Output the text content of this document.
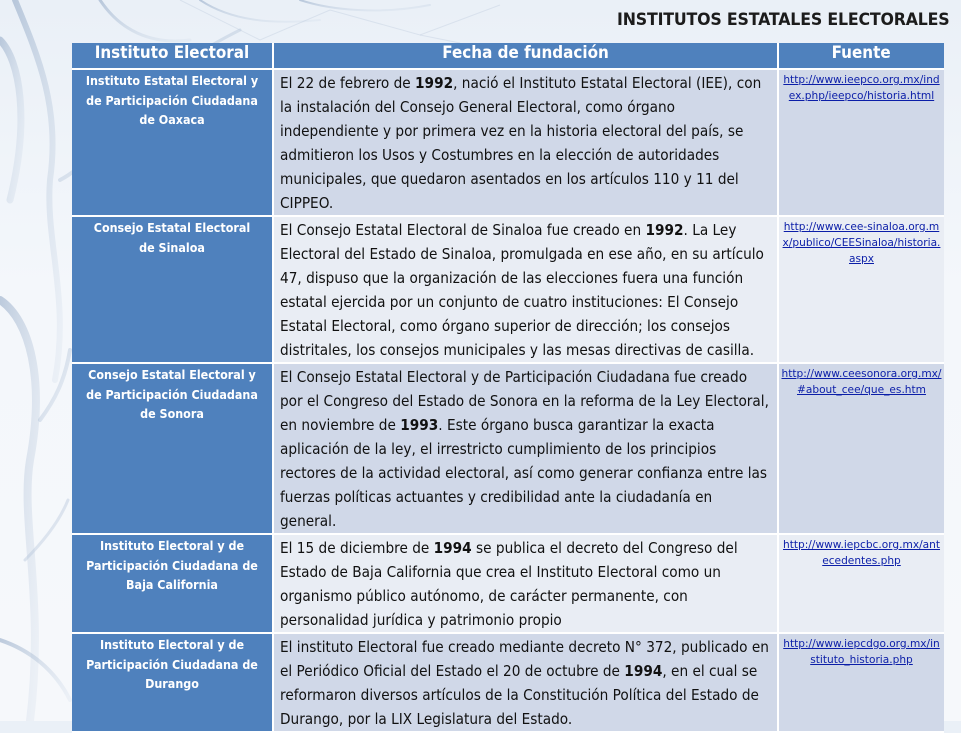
INSTITUTOS ESTATALES ELECTORALES
Instituto Electoral	Fecha de fundación	Fuente

Instituto Estatal Electoral y de Participación Ciudadana de Oaxaca	El 22 de febrero de 1992, nació el Instituto Estatal Electoral (IEE), con la instalación del Consejo General Electoral, como órgano independiente y por primera vez en la historia electoral del país, se admitieron los Usos y Costumbres en la elección de autoridades municipales, que quedaron asentados en los artículos 110 y 11 del CIPPEO.	http://www.ieepco.org.mx/index.php/ieepco/historia.html

Consejo Estatal Electoral de Sinaloa	El Consejo Estatal Electoral de Sinaloa fue creado en 1992. La Ley Electoral del Estado de Sinaloa, promulgada en ese año, en su artículo 47, dispuso que la organización de las elecciones fuera una función estatal ejercida por un conjunto de cuatro instituciones: El Consejo Estatal Electoral, como órgano superior de dirección; los consejos distritales, los consejos municipales y las mesas directivas de casilla.	http://www.cee-sinaloa.org.mx/publico/CEESinaloa/historia.aspx

Consejo Estatal Electoral y de Participación Ciudadana de Sonora	El Consejo Estatal Electoral y de Participación Ciudadana fue creado por el Congreso del Estado de Sonora en la reforma de la Ley Electoral, en noviembre de 1993. Este órgano busca garantizar la exacta aplicación de la ley, el irrestricto cumplimiento de los principios rectores de la actividad electoral, así como generar confianza entre las fuerzas políticas actuantes y credibilidad ante la ciudadanía en general.	http://www.ceesonora.org.mx/#about_cee/que_es.htm

Instituto Electoral y de Participación Ciudadana de Baja California	El 15 de diciembre de 1994 se publica el decreto del Congreso del Estado de Baja California que crea el Instituto Electoral como un organismo público autónomo, de carácter permanente, con personalidad jurídica y patrimonio propio	http://www.iepcbc.org.mx/antecedentes.php

Instituto Electoral y de Participación Ciudadana de Durango	El instituto Electoral fue creado mediante decreto N° 372, publicado en el Periódico Oficial del Estado el 20 de octubre de 1994, en el cual se reformaron diversos artículos de la Constitución Política del Estado de Durango, por la LIX Legislatura del Estado.	http://www.iepcdgo.org.mx/instituto_historia.php
